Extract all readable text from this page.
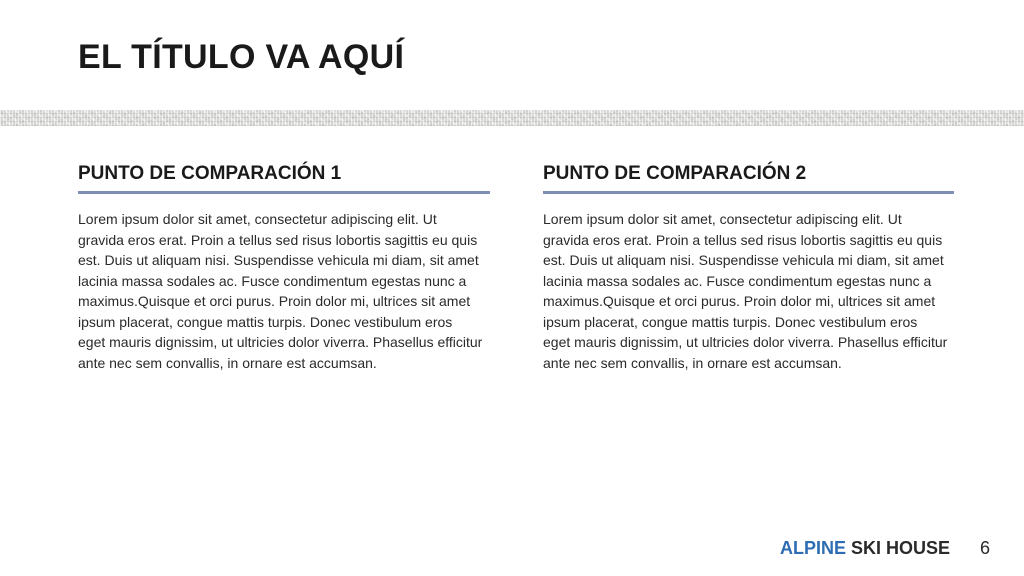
EL TÍTULO VA AQUÍ
PUNTO DE COMPARACIÓN 1

Lorem ipsum dolor sit amet, consectetur adipiscing elit. Ut gravida eros erat. Proin a tellus sed risus lobortis sagittis eu quis est. Duis ut aliquam nisi. Suspendisse vehicula mi diam, sit amet lacinia massa sodales ac. Fusce condimentum egestas nunc a maximus.Quisque et orci purus. Proin dolor mi, ultrices sit amet ipsum placerat, congue mattis turpis. Donec vestibulum eros eget mauris dignissim, ut ultricies dolor viverra. Phasellus efficitur ante nec sem convallis, in ornare est accumsan.

PUNTO DE COMPARACIÓN 2

Lorem ipsum dolor sit amet, consectetur adipiscing elit. Ut gravida eros erat. Proin a tellus sed risus lobortis sagittis eu quis est. Duis ut aliquam nisi. Suspendisse vehicula mi diam, sit amet lacinia massa sodales ac. Fusce condimentum egestas nunc a maximus.Quisque et orci purus. Proin dolor mi, ultrices sit amet ipsum placerat, congue mattis turpis. Donec vestibulum eros eget mauris dignissim, ut ultricies dolor viverra. Phasellus efficitur ante nec sem convallis, in ornare est accumsan.

ALPINE SKI HOUSE 6
